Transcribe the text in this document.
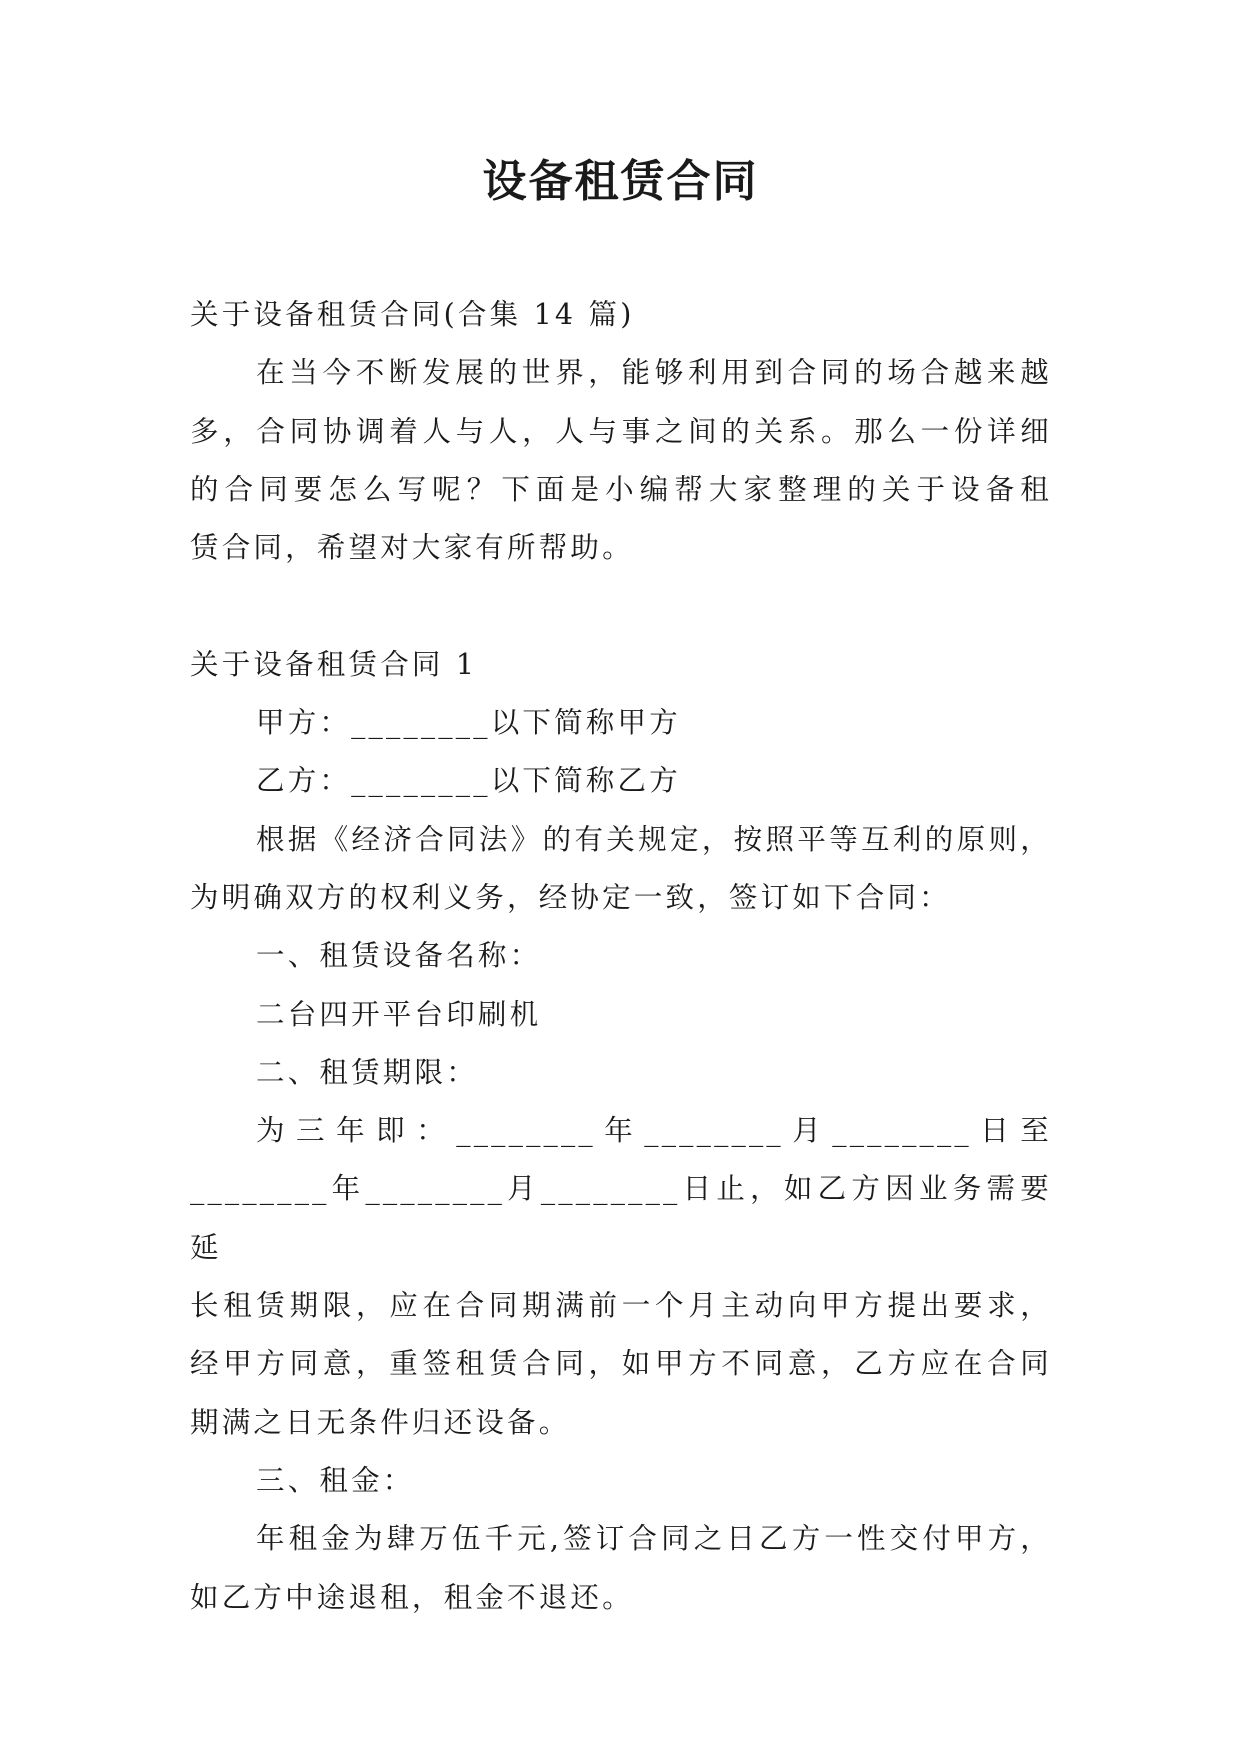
设备租赁合同

关于设备租赁合同(合集 14 篇)

在当今不断发展的世界，能够利用到合同的场合越来越

多，合同协调着人与人，人与事之间的关系。那么一份详细

的合同要怎么写呢？下面是小编帮大家整理的关于设备租

赁合同，希望对大家有所帮助。

关于设备租赁合同 1

甲方：________以下简称甲方

乙方：________以下简称乙方

根据《经济合同法》的有关规定，按照平等互利的原则，

为明确双方的权利义务，经协定一致，签订如下合同：

一、租赁设备名称：

二台四开平台印刷机

二、租赁期限：

为三年即：________年________月________日至

________年________月________日止，如乙方因业务需要延

长租赁期限，应在合同期满前一个月主动向甲方提出要求，

经甲方同意，重签租赁合同，如甲方不同意，乙方应在合同

期满之日无条件归还设备。

三、租金：

年租金为肆万伍千元,签订合同之日乙方一性交付甲方，

如乙方中途退租，租金不退还。
